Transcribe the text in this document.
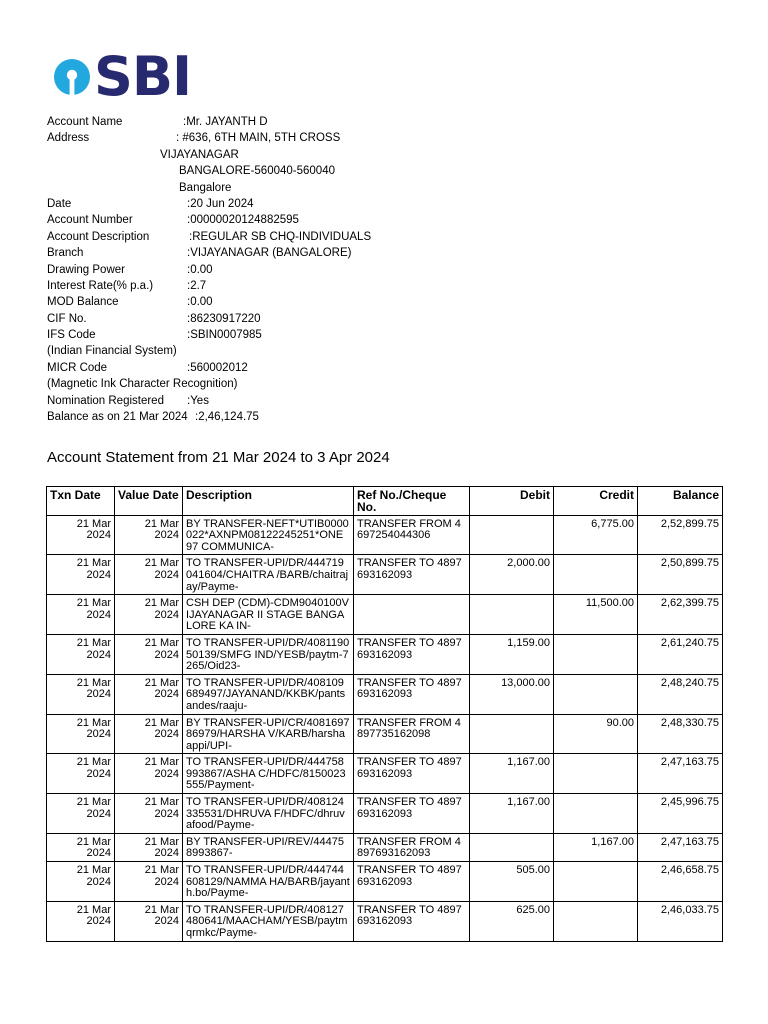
SBI
Account Name	:Mr. JAYANTH D
Address	: #636, 6TH MAIN, 5TH CROSS
VIJAYANAGAR
BANGALORE-560040-560040
Bangalore
Date	:20 Jun 2024
Account Number	:00000020124882595
Account Description	:REGULAR SB CHQ-INDIVIDUALS
Branch	:VIJAYANAGAR (BANGALORE)
Drawing Power	:0.00
Interest Rate(% p.a.)	:2.7
MOD Balance	:0.00
CIF No.	:86230917220
IFS Code	:SBIN0007985
(Indian Financial System)
MICR Code	:560002012
(Magnetic Ink Character Recognition)
Nomination Registered :Yes
Balance as on 21 Mar 2024 :2,46,124.75
Account Statement from 21 Mar 2024 to 3 Apr 2024
Txn Date	Value Date	Description	Ref No./Cheque No.	Debit	Credit	Balance
21 Mar 2024	21 Mar 2024	BY TRANSFER-NEFT*UTIB0000022*AXNPM08122245251*ONE 97 COMMUNICA-	TRANSFER FROM 4697254044306		6,775.00	2,52,899.75
21 Mar 2024	21 Mar 2024	TO TRANSFER-UPI/DR/444719041604/CHAITRA /BARB/chaitrajay/Payme-	TRANSFER TO 4897693162093	2,000.00		2,50,899.75
21 Mar 2024	21 Mar 2024	CSH DEP (CDM)-CDM9040100VIJAYANAGAR II STAGE BANGALORE KA IN-			11,500.00	2,62,399.75
21 Mar 2024	21 Mar 2024	TO TRANSFER-UPI/DR/408119050139/SMFG IND/YESB/paytm-7265/Oid23-	TRANSFER TO 4897693162093	1,159.00		2,61,240.75
21 Mar 2024	21 Mar 2024	TO TRANSFER-UPI/DR/408109689497/JAYANAND/KKBK/pantsandes/raaju-	TRANSFER TO 4897693162093	13,000.00		2,48,240.75
21 Mar 2024	21 Mar 2024	BY TRANSFER-UPI/CR/408169786979/HARSHA V/KARB/harshaappi/UPI-	TRANSFER FROM 4897735162098		90.00	2,48,330.75
21 Mar 2024	21 Mar 2024	TO TRANSFER-UPI/DR/444758993867/ASHA C/HDFC/8150023555/Payment-	TRANSFER TO 4897693162093	1,167.00		2,47,163.75
21 Mar 2024	21 Mar 2024	TO TRANSFER-UPI/DR/408124335531/DHRUVA F/HDFC/dhruvafood/Payme-	TRANSFER TO 4897693162093	1,167.00		2,45,996.75
21 Mar 2024	21 Mar 2024	BY TRANSFER-UPI/REV/444758993867-	TRANSFER FROM 4897693162093		1,167.00	2,47,163.75
21 Mar 2024	21 Mar 2024	TO TRANSFER-UPI/DR/444744608129/NAMMA HA/BARB/jayanth.bo/Payme-	TRANSFER TO 4897693162093	505.00		2,46,658.75
21 Mar 2024	21 Mar 2024	TO TRANSFER-UPI/DR/408127480641/MAACHAM/YESB/paytmqrmkc/Payme-	TRANSFER TO 4897693162093	625.00		2,46,033.75
